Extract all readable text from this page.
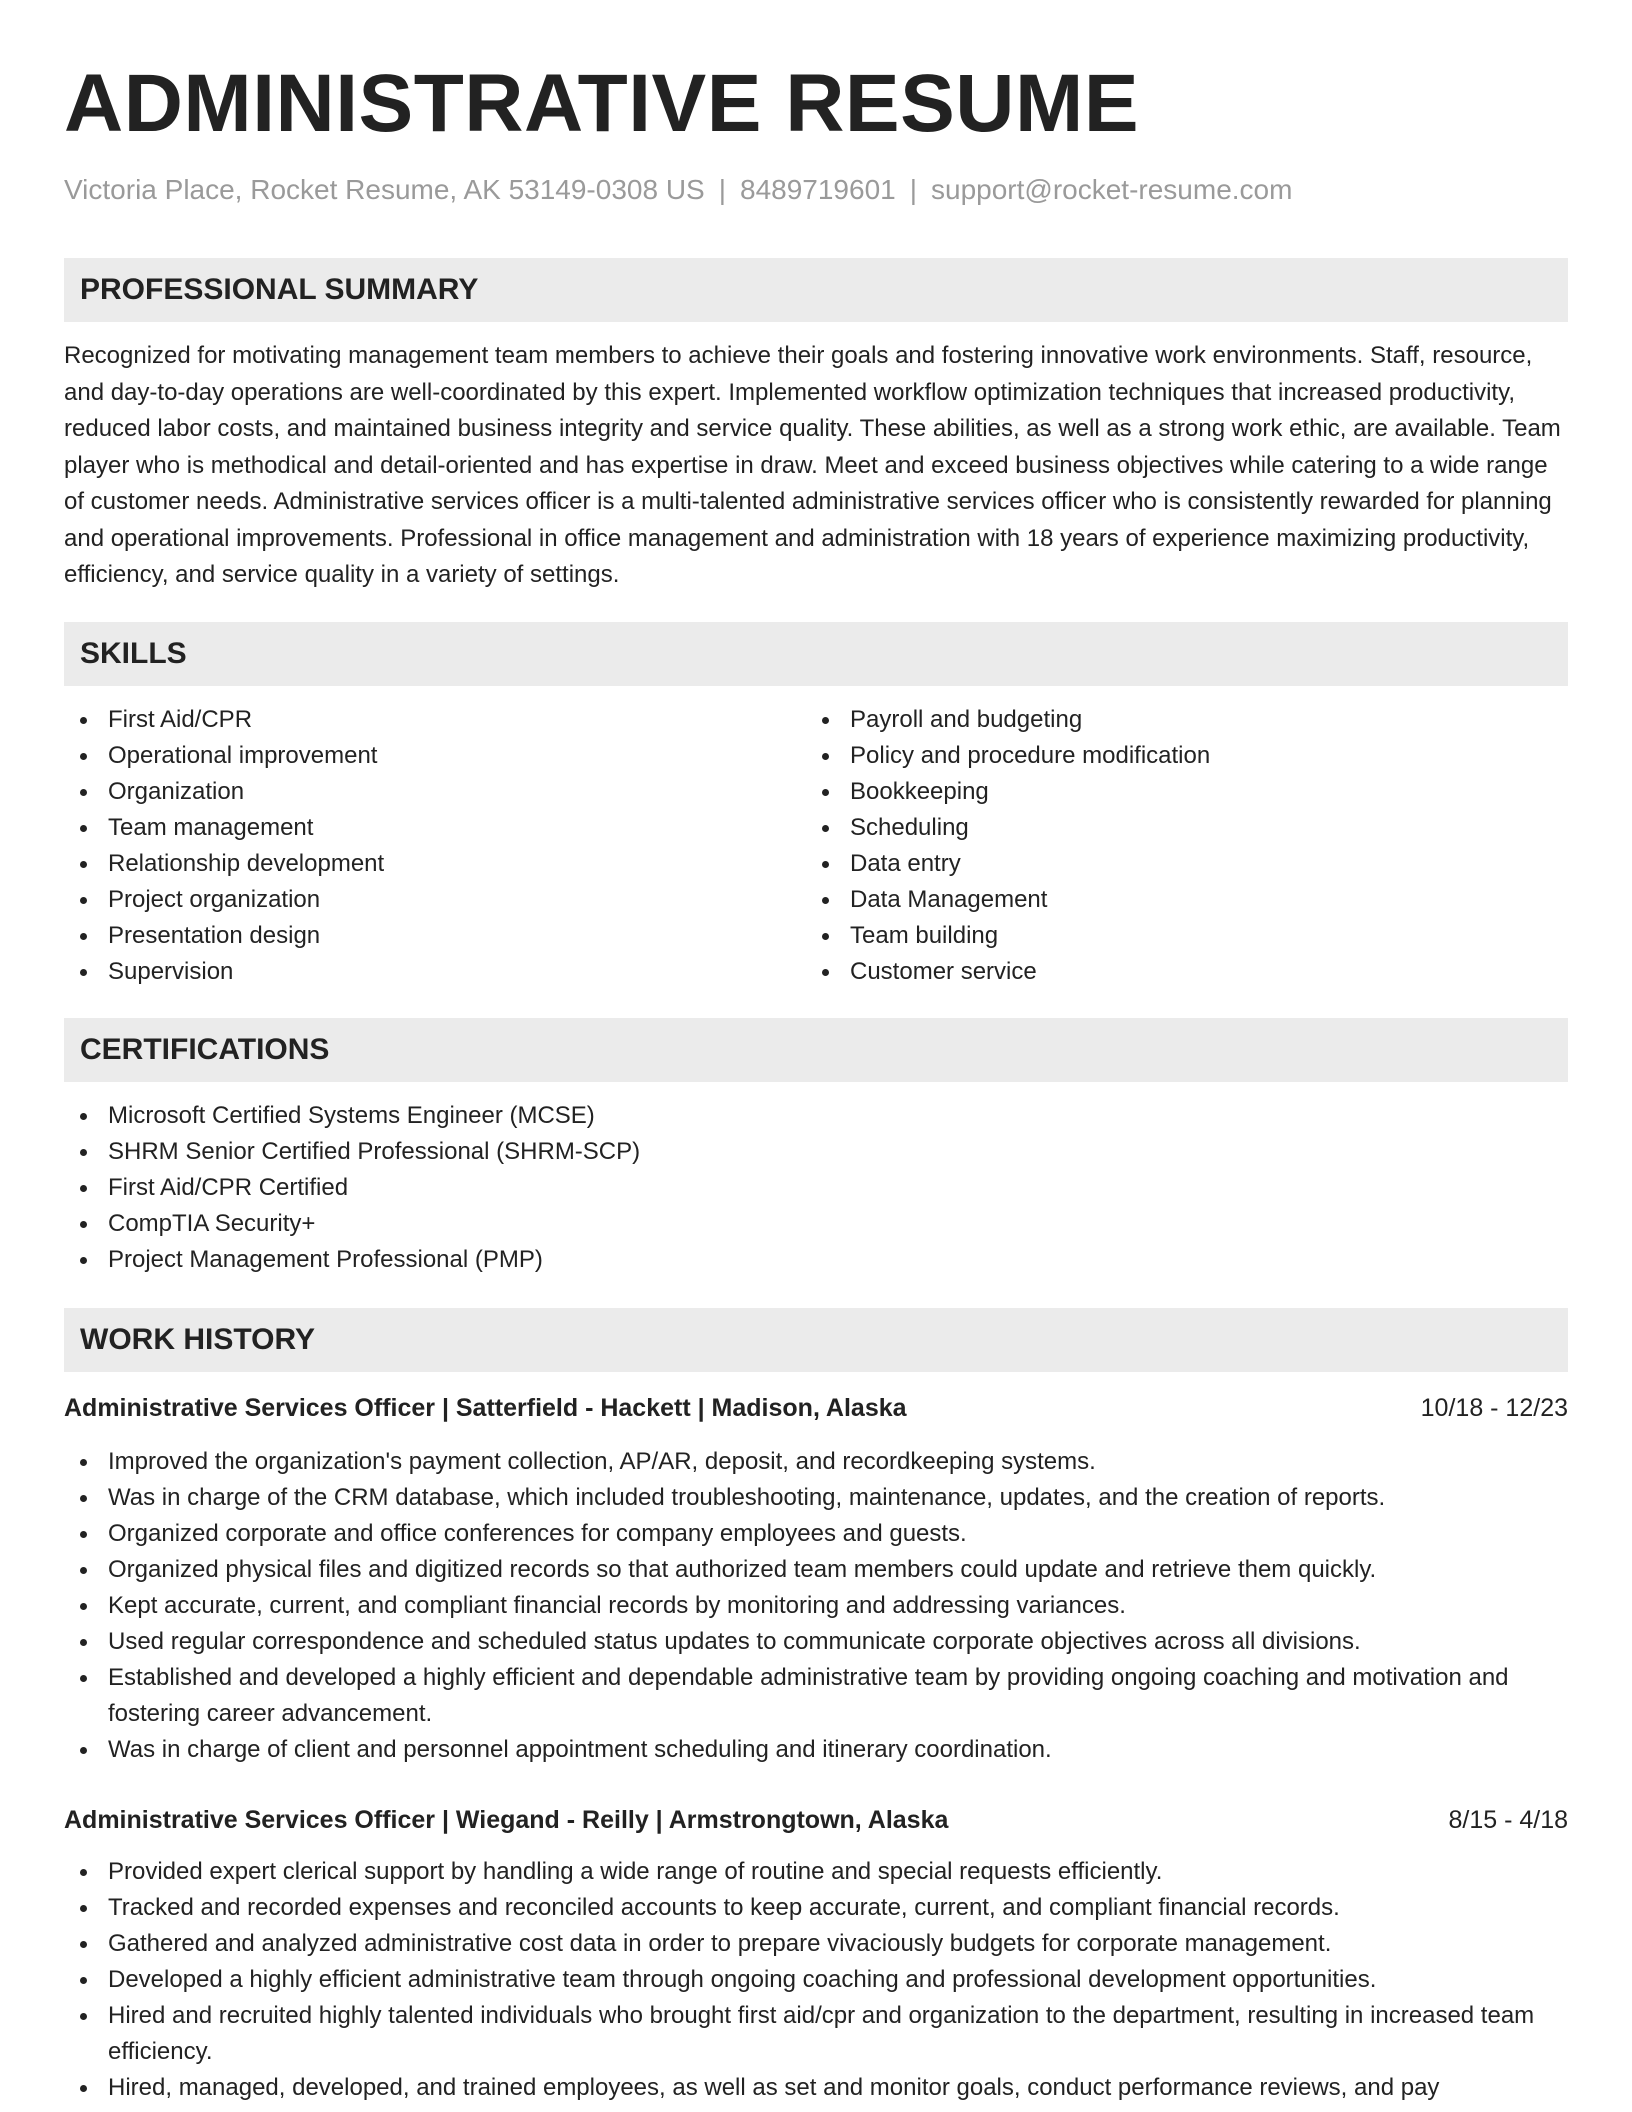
ADMINISTRATIVE RESUME
Victoria Place, Rocket Resume, AK 53149-0308 US | 8489719601 | support@rocket-resume.com
PROFESSIONAL SUMMARY

Recognized for motivating management team members to achieve their goals and fostering innovative work environments. Staff, resource, and day-to-day operations are well-coordinated by this expert. Implemented workflow optimization techniques that increased productivity, reduced labor costs, and maintained business integrity and service quality. These abilities, as well as a strong work ethic, are available. Team player who is methodical and detail-oriented and has expertise in draw. Meet and exceed business objectives while catering to a wide range of customer needs. Administrative services officer is a multi-talented administrative services officer who is consistently rewarded for planning and operational improvements. Professional in office management and administration with 18 years of experience maximizing productivity, efficiency, and service quality in a variety of settings.

SKILLS
First Aid/CPR
Operational improvement
Organization
Team management
Relationship development
Project organization
Presentation design
Supervision
Payroll and budgeting
Policy and procedure modification
Bookkeeping
Scheduling
Data entry
Data Management
Team building
Customer service
CERTIFICATIONS
Microsoft Certified Systems Engineer (MCSE)
SHRM Senior Certified Professional (SHRM-SCP)
First Aid/CPR Certified
CompTIA Security+
Project Management Professional (PMP)
WORK HISTORY
Administrative Services Officer | Satterfield - Hackett | Madison, Alaska	10/18 - 12/23
Improved the organization's payment collection, AP/AR, deposit, and recordkeeping systems.
Was in charge of the CRM database, which included troubleshooting, maintenance, updates, and the creation of reports.
Organized corporate and office conferences for company employees and guests.
Organized physical files and digitized records so that authorized team members could update and retrieve them quickly.
Kept accurate, current, and compliant financial records by monitoring and addressing variances.
Used regular correspondence and scheduled status updates to communicate corporate objectives across all divisions.
Established and developed a highly efficient and dependable administrative team by providing ongoing coaching and motivation and fostering career advancement.
Was in charge of client and personnel appointment scheduling and itinerary coordination.
Administrative Services Officer | Wiegand - Reilly | Armstrongtown, Alaska	8/15 - 4/18
Provided expert clerical support by handling a wide range of routine and special requests efficiently.
Tracked and recorded expenses and reconciled accounts to keep accurate, current, and compliant financial records.
Gathered and analyzed administrative cost data in order to prepare vivaciously budgets for corporate management.
Developed a highly efficient administrative team through ongoing coaching and professional development opportunities.
Hired and recruited highly talented individuals who brought first aid/cpr and organization to the department, resulting in increased team efficiency.
Hired, managed, developed, and trained employees, as well as set and monitor goals, conduct performance reviews, and pay
